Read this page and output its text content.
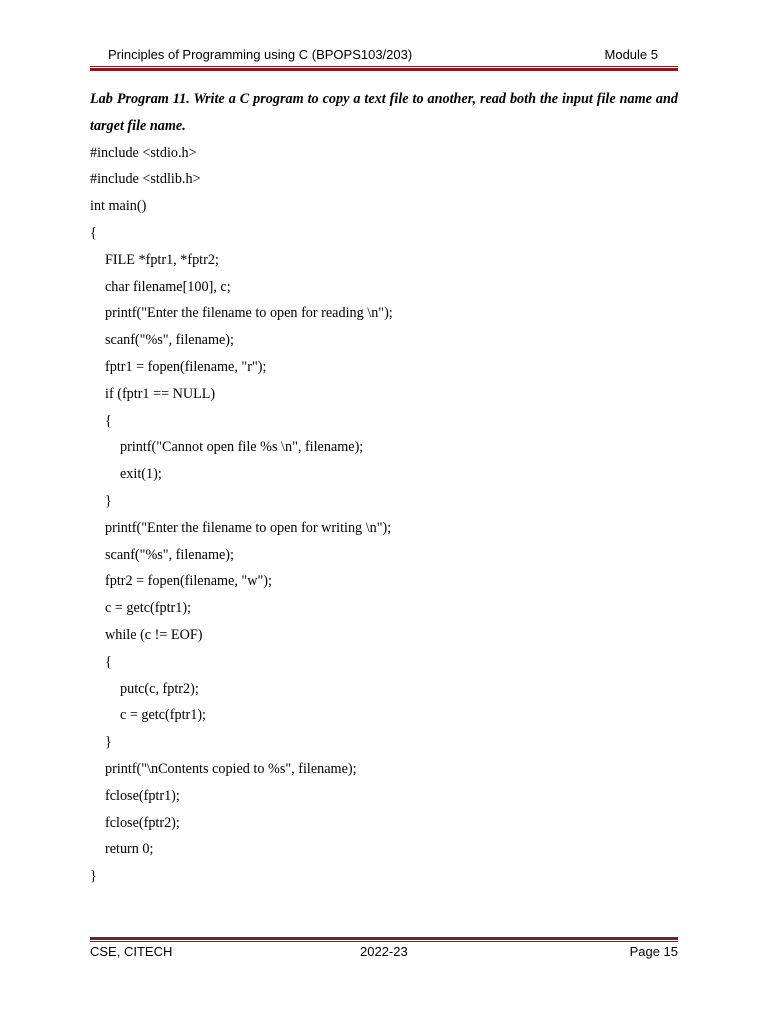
Principles of Programming using C (BPOPS103/203)	Module 5

Lab Program 11. Write a C program to copy a text file to another, read both the input file name and target file name.

#include <stdio.h>
#include <stdlib.h>
int main()
{
FILE *fptr1, *fptr2;
char filename[100], c;
printf("Enter the filename to open for reading \n");
scanf("%s", filename);
fptr1 = fopen(filename, "r");
if (fptr1 == NULL)
{
printf("Cannot open file %s \n", filename);
exit(1);
}
printf("Enter the filename to open for writing \n");
scanf("%s", filename);
fptr2 = fopen(filename, "w");
c = getc(fptr1);
while (c != EOF)
{
putc(c, fptr2);
c = getc(fptr1);
}
printf("\nContents copied to %s", filename);
fclose(fptr1);
fclose(fptr2);
return 0;
}
CSE, CITECH	2022-23	Page 15
